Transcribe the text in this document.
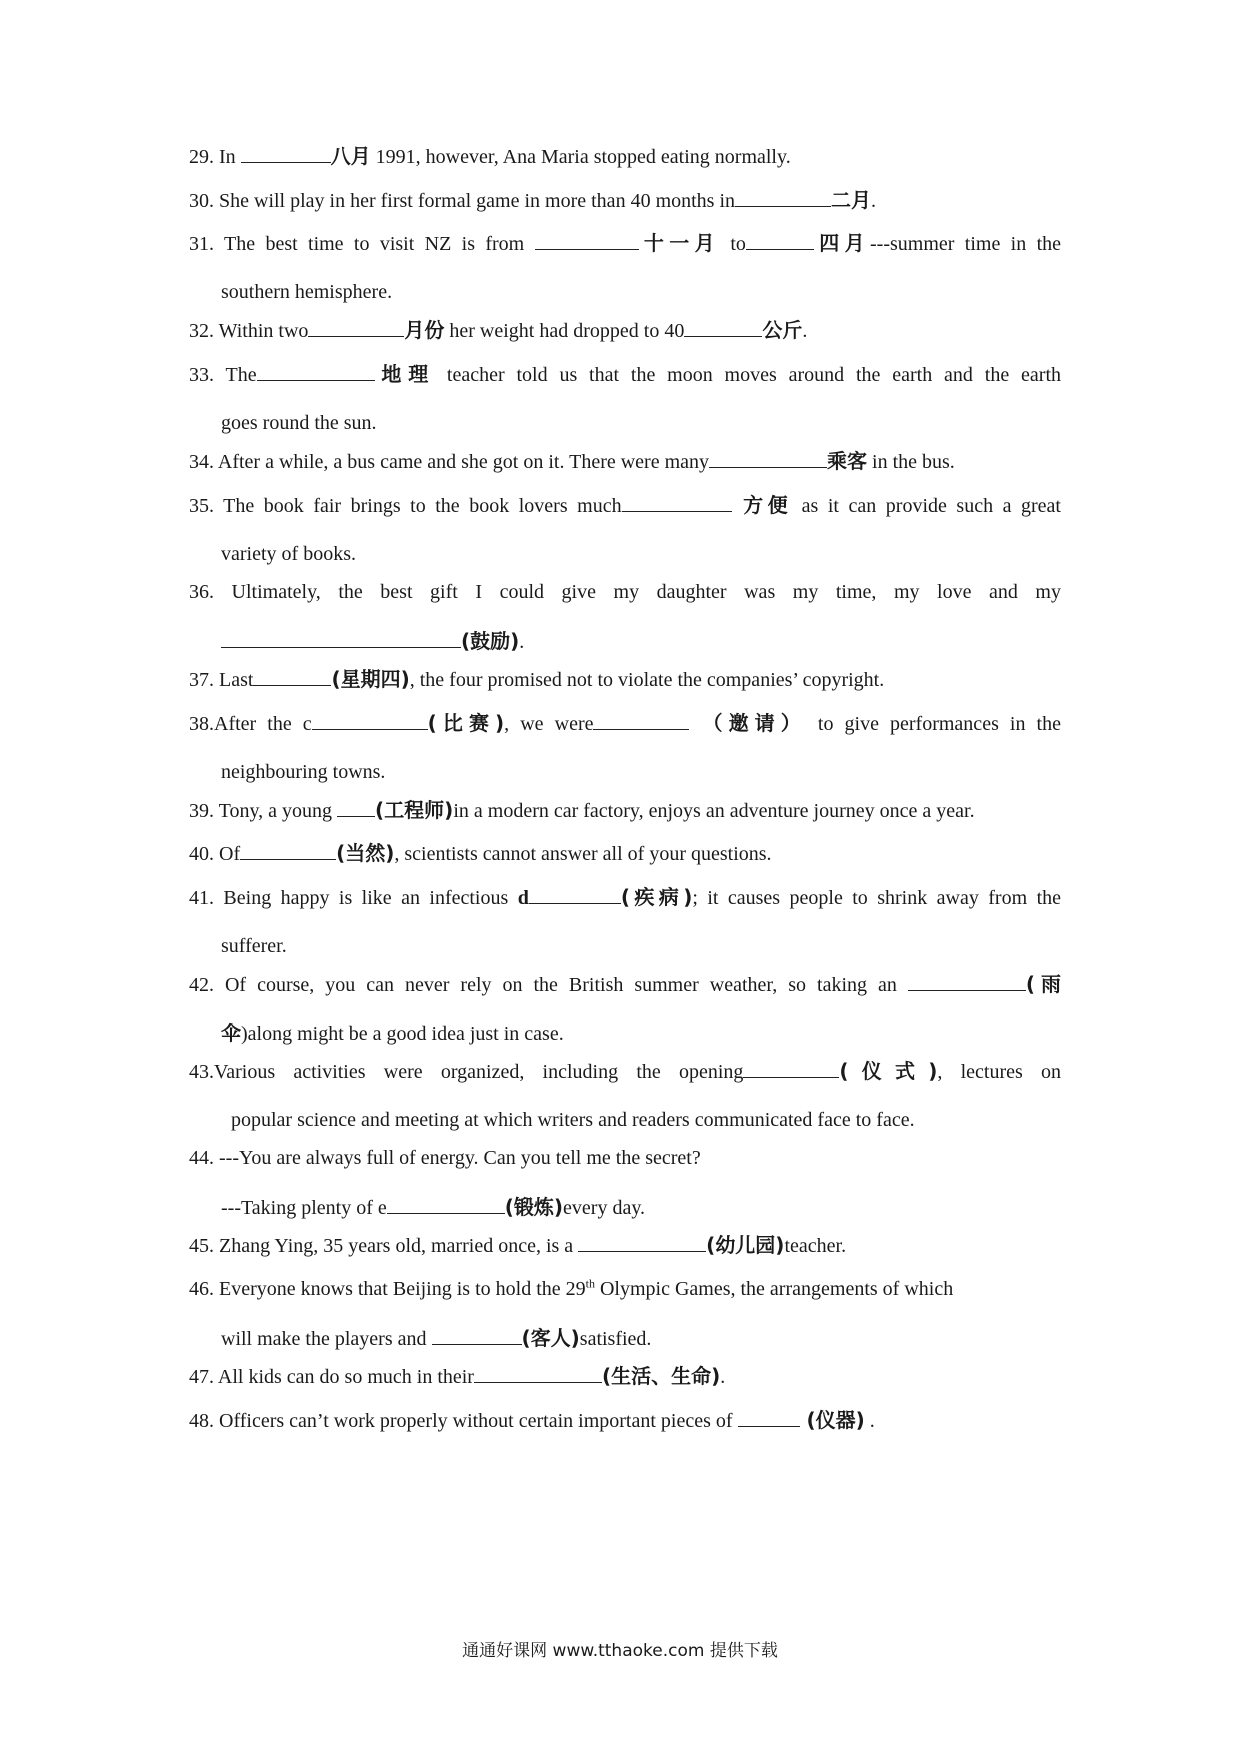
29. In	八月 1991, however, Ana Maria stopped eating normally.
30. She will play in her first formal game in more than 40 months in	二月.
31. The best time to visit NZ is from	十一月 to	四月---summer time in the
southern hemisphere.
32. Within two	月份 her weight had dropped to 40	公斤.
33. The	地理 teacher told us that the moon moves around the earth and the earth
goes round the sun.
34. After a while, a bus came and she got on it. There were many	乘客 in the bus.
35. The book fair brings to the book lovers much	方便 as it can provide such a great
variety of books.
36. Ultimately, the best gift I could give my daughter was my time, my love and my
(鼓励).
37. Last	(星期四), the four promised not to violate the companies’ copyright.
38.After the c	(比赛), we were	（邀请） to give performances in the
neighbouring towns.
39. Tony, a young (工程师)in a modern car factory, enjoys an adventure journey once a year.
40. Of	(当然), scientists cannot answer all of your questions.
41. Being happy is like an infectious d	(疾病); it causes people to shrink away from the
sufferer.
42. Of course, you can never rely on the British summer weather, so taking an	(雨
伞)along might be a good idea just in case.
43.Various activities were organized, including the opening	(仪式), lectures on
popular science and meeting at which writers and readers communicated face to face.
44. ---You are always full of energy. Can you tell me the secret?
---Taking plenty of e	(锻炼)every day.
45. Zhang Ying, 35 years old, married once, is a	(幼儿园)teacher.
46. Everyone knows that Beijing is to hold the 29th Olympic Games, the arrangements of which
will make the players and	(客人)satisfied.
47. All kids can do so much in their	(生活、生命).
48. Officers can’t work properly without certain important pieces of	(仪器) .
通通好课网 www.tthaoke.com 提供下载
